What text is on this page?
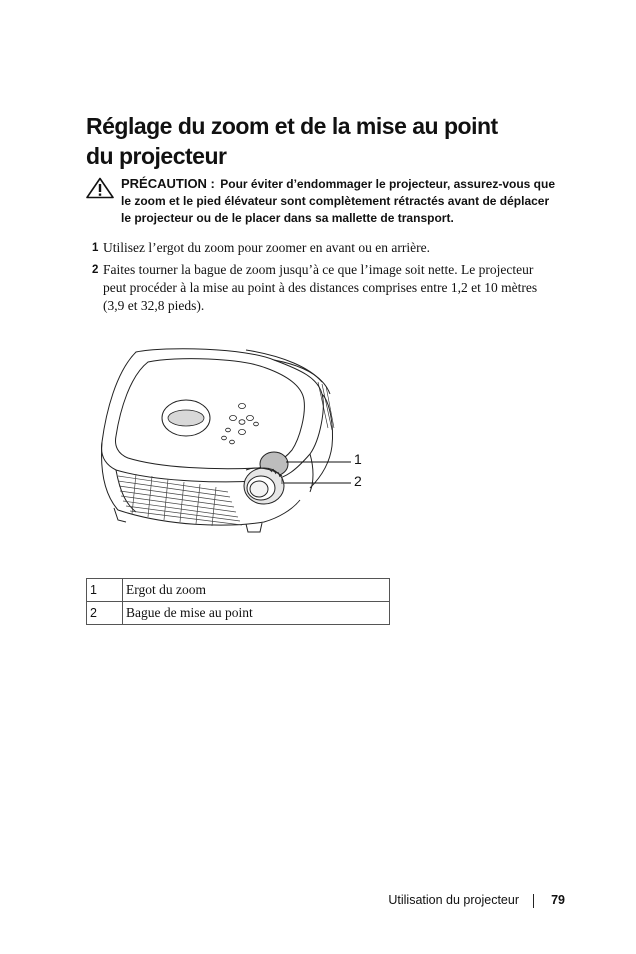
Réglage du zoom et de la mise au point
du projecteur
PRÉCAUTION : Pour éviter d’endommager le projecteur, assurez-vous que
le zoom et le pied élévateur sont complètement rétractés avant de déplacer
le projecteur ou de le placer dans sa mallette de transport.
1 Utilisez l’ergot du zoom pour zoomer en avant ou en arrière.
2 Faites tourner la bague de zoom jusqu’à ce que l’image soit nette. Le projecteur
peut procéder à la mise au point à des distances comprises entre 1,2 et 10 mètres
(3,9 et 32,8 pieds).
1
2
1	Ergot du zoom
2	Bague de mise au point
Utilisation du projecteur	79
